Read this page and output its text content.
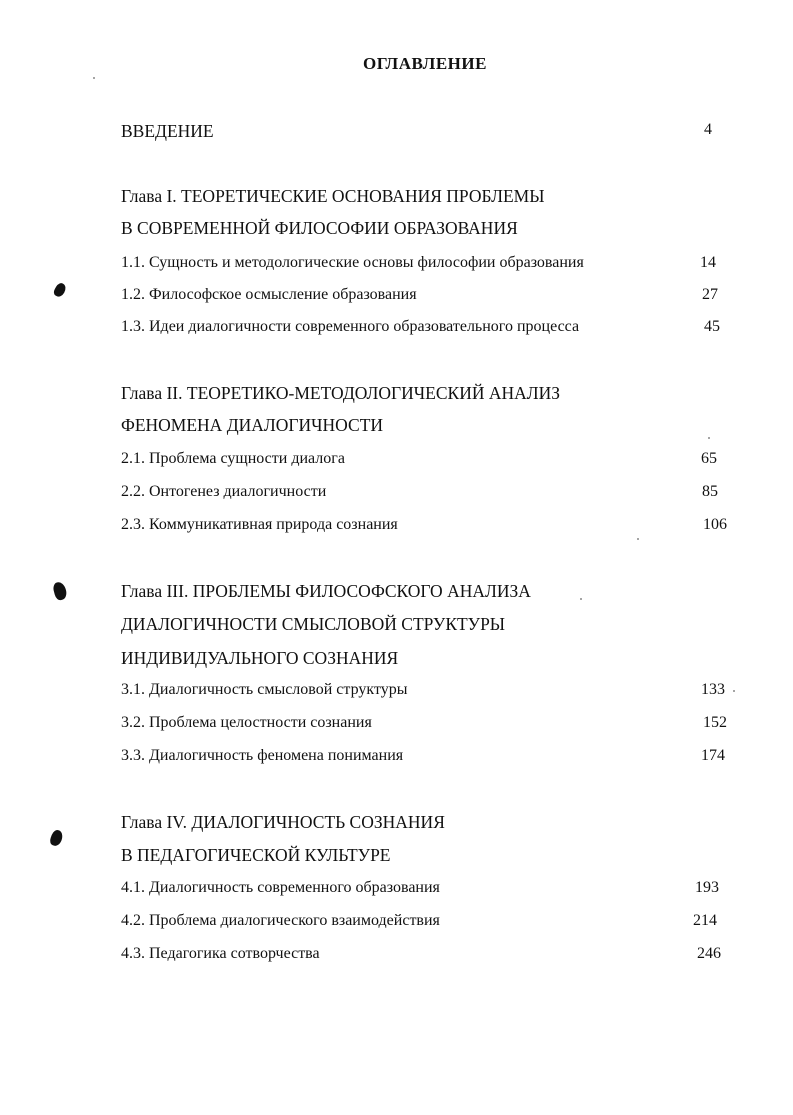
ОГЛАВЛЕНИЕ
ВВЕДЕНИЕ	4
Глава I. ТЕОРЕТИЧЕСКИЕ ОСНОВАНИЯ ПРОБЛЕМЫ
В СОВРЕМЕННОЙ ФИЛОСОФИИ ОБРАЗОВАНИЯ
1.1. Сущность и методологические основы философии образования	14
1.2. Философское осмысление образования	27
1.3. Идеи диалогичности современного образовательного процесса	45
Глава II. ТЕОРЕТИКО-МЕТОДОЛОГИЧЕСКИЙ АНАЛИЗ
ФЕНОМЕНА ДИАЛОГИЧНОСТИ
2.1. Проблема сущности диалога	65
2.2. Онтогенез диалогичности	85
2.3. Коммуникативная природа сознания	106
Глава III. ПРОБЛЕМЫ ФИЛОСОФСКОГО АНАЛИЗА
ДИАЛОГИЧНОСТИ СМЫСЛОВОЙ СТРУКТУРЫ
ИНДИВИДУАЛЬНОГО СОЗНАНИЯ
3.1. Диалогичность смысловой структуры	133
3.2. Проблема целостности сознания	152
3.3. Диалогичность феномена понимания	174
Глава IV. ДИАЛОГИЧНОСТЬ СОЗНАНИЯ
В ПЕДАГОГИЧЕСКОЙ КУЛЬТУРЕ
4.1. Диалогичность современного образования	193
4.2. Проблема диалогического взаимодействия	214
4.3. Педагогика сотворчества	246
